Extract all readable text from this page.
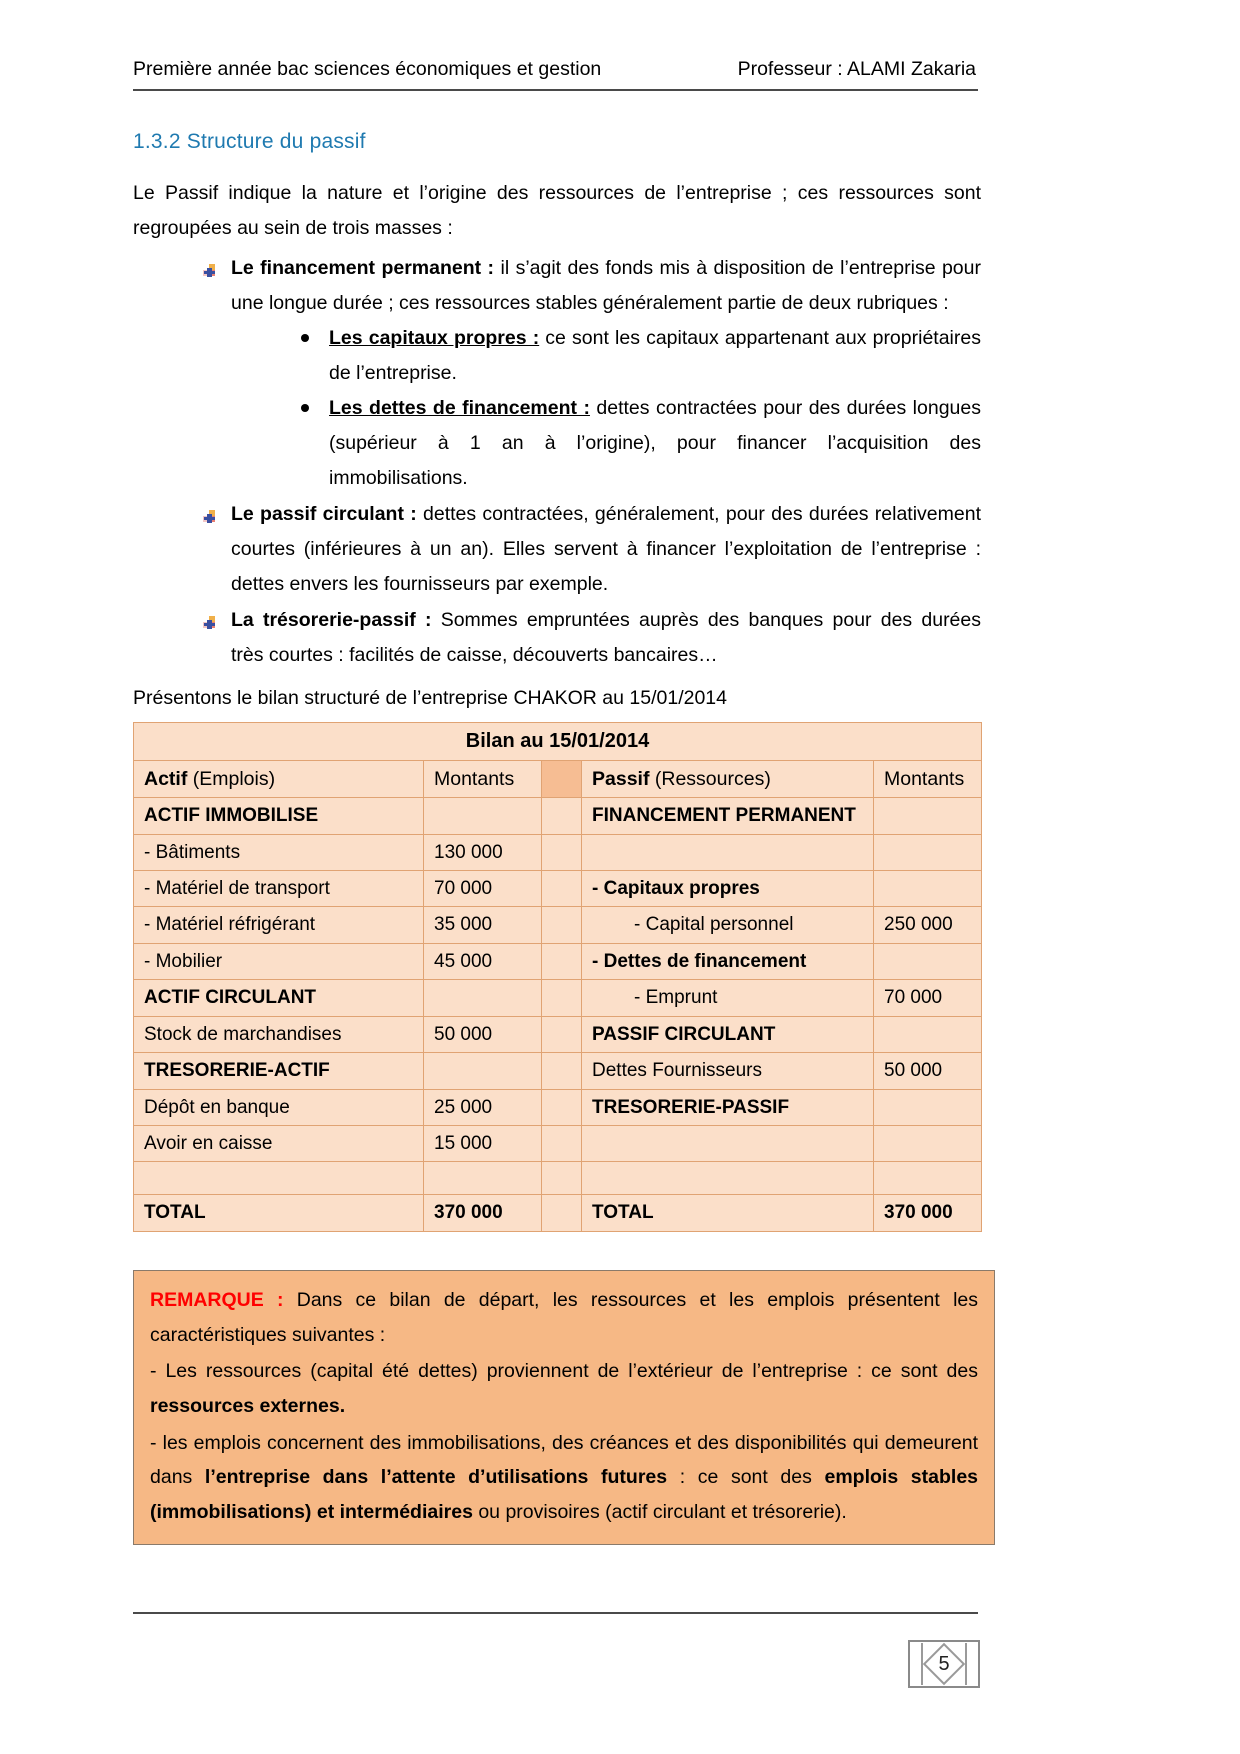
Première année bac sciences économiques et gestion	Professeur : ALAMI Zakaria
1.3.2 Structure du passif

Le Passif indique la nature et l’origine des ressources de l’entreprise ; ces ressources sont regroupées au sein de trois masses :

Le financement permanent : il s’agit des fonds mis à disposition de l’entreprise pour une longue durée ; ces ressources stables généralement partie de deux rubriques :
Les capitaux propres : ce sont les capitaux appartenant aux propriétaires de l’entreprise.
Les dettes de financement : dettes contractées pour des durées longues (supérieur à 1 an à l’origine), pour financer l’acquisition des immobilisations.
Le passif circulant : dettes contractées, généralement, pour des durées relativement courtes (inférieures à un an). Elles servent à financer l’exploitation de l’entreprise : dettes envers les fournisseurs par exemple.
La trésorerie-passif : Sommes empruntées auprès des banques pour des durées très courtes : facilités de caisse, découverts bancaires…

Présentons le bilan structuré de l’entreprise CHAKOR au 15/01/2014

Bilan au 15/01/2014				
Actif (Emplois)	Montants		Passif (Ressources)	Montants
ACTIF IMMOBILISE			FINANCEMENT PERMANENT	
- Bâtiments	130 000			
- Matériel de transport	70 000		- Capitaux propres	
- Matériel réfrigérant	35 000		- Capital personnel	250 000
- Mobilier	45 000		- Dettes de financement	
ACTIF CIRCULANT			- Emprunt	70 000
Stock de marchandises	50 000		PASSIF CIRCULANT	
TRESORERIE-ACTIF			Dettes Fournisseurs	50 000
Dépôt en banque	25 000		TRESORERIE-PASSIF	
Avoir en caisse	15 000			

TOTAL	370 000		TOTAL	370 000

REMARQUE : Dans ce bilan de départ, les ressources et les emplois présentent les caractéristiques suivantes :

- Les ressources (capital été dettes) proviennent de l’extérieur de l’entreprise : ce sont des ressources externes.

- les emplois concernent des immobilisations, des créances et des disponibilités qui demeurent dans l’entreprise dans l’attente d’utilisations futures : ce sont des emplois stables (immobilisations) et intermédiaires ou provisoires (actif circulant et trésorerie).

5
